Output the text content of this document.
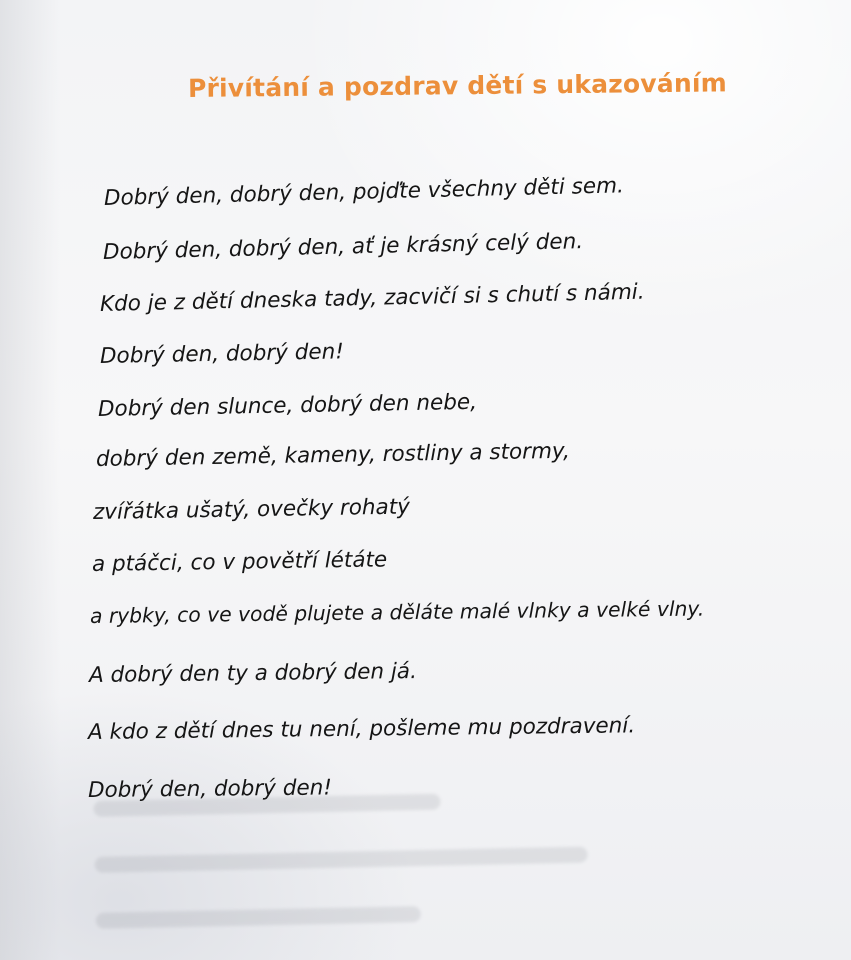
Přivítání a pozdrav dětí s ukazováním

Dobrý den, dobrý den, pojďte všechny děti sem.

Dobrý den, dobrý den, ať je krásný celý den.

Kdo je z dětí dneska tady, zacvičí si s chutí s námi.

Dobrý den, dobrý den!

Dobrý den slunce, dobrý den nebe,

dobrý den země, kameny, rostliny a stormy,

zvířátka ušatý, ovečky rohatý

a ptáčci, co v povětří létáte

a rybky, co ve vodě plujete a děláte malé vlnky a velké vlny.

A dobrý den ty a dobrý den já.

A kdo z dětí dnes tu není, pošleme mu pozdravení.

Dobrý den, dobrý den!
